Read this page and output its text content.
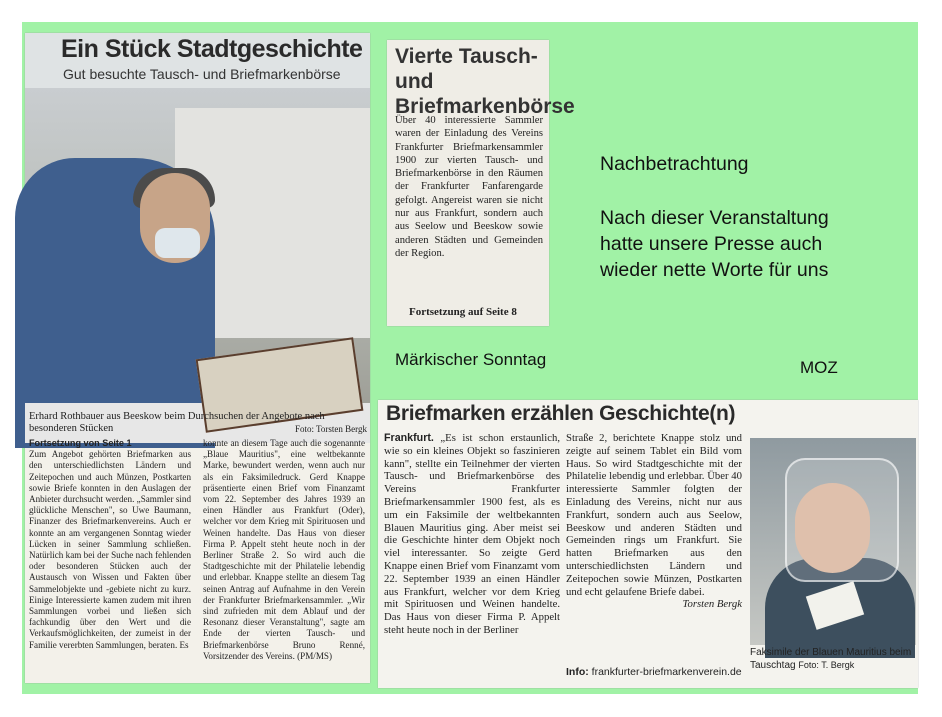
Ein Stück Stadtgeschichte
Gut besuchte Tausch- und Briefmarkenbörse
Erhard Rothbauer aus Beeskow beim Durchsuchen der Angebote nach besonderen Stücken	Foto: Torsten Bergk
Fortsetzung von Seite 1
Zum Angebot gehörten Briefmarken aus den unterschiedlichsten Ländern und Zeitepochen und auch Münzen, Postkarten sowie Briefe konnten in den Auslagen der Anbieter durchsucht werden. „Sammler sind glückliche Menschen", so Uwe Baumann, Finanzer des Briefmarkenvereins. Auch er konnte an am vergangenen Sonntag wieder Lücken in seiner Sammlung schließen. Natürlich kam bei der Suche nach fehlenden oder besonderen Stücken auch der Austausch von Wissen und Fakten über Sammelobjekte und -gebiete nicht zu kurz. Einige Interessierte kamen zudem mit ihren Sammlungen vorbei und ließen sich fachkundig über den Wert und die Verkaufsmöglichkeiten, der zumeist in der Familie vererbten Sammlungen, beraten. Es
konnte an diesem Tage auch die sogenannte „Blaue Mauritius", eine weltbekannte Marke, bewundert werden, wenn auch nur als ein Faksimiledruck. Gerd Knappe präsentierte einen Brief vom Finanzamt vom 22. September des Jahres 1939 an einen Händler aus Frankfurt (Oder), welcher vor dem Krieg mit Spirituosen und Weinen handelte. Das Haus von dieser Firma P. Appelt steht heute noch in der Berliner Straße 2. So wird auch die Stadtgeschichte mit der Philatelie lebendig und erlebbar. Knappe stellte an diesem Tag seinen Antrag auf Aufnahme in den Verein der Frankfurter Briefmarkensammler. „Wir sind zufrieden mit dem Ablauf und der Resonanz dieser Veranstaltung", sagte am Ende der vierten Tausch- und Briefmarkenbörse Bruno Renné, Vorsitzender des Vereins. (PM/MS)
Vierte Tausch- und Briefmarkenbörse
Über 40 interessierte Sammler waren der Einladung des Vereins Frankfurter Briefmarkensammler 1900 zur vierten Tausch- und Briefmarkenbörse in den Räumen der Frankfurter Fanfarengarde gefolgt. Angereist waren sie nicht nur aus Frankfurt, sondern auch aus Seelow und Beeskow sowie anderen Städten und Gemeinden der Region.
Fortsetzung auf Seite 8
Nachbetrachtung
Nach dieser Veranstaltung
hatte unsere Presse auch
wieder nette Worte für uns
Märkischer Sonntag	MOZ
Briefmarken erzählen Geschichte(n)
Frankfurt. „Es ist schon erstaunlich, wie so ein kleines Objekt so faszinieren kann", stellte ein Teilnehmer der vierten Tausch- und Briefmarkenbörse des Vereins Frankfurter Briefmarkensammler 1900 fest, als es um ein Faksimile der weltbekannten Blauen Mauritius ging. Aber meist sei die Geschichte hinter dem Objekt noch viel interessanter. So zeigte Gerd Knappe einen Brief vom Finanzamt vom 22. September 1939 an einen Händler aus Frankfurt, welcher vor dem Krieg mit Spirituosen und Weinen handelte. Das Haus von dieser Firma P. Appelt steht heute noch in der Berliner
Straße 2, berichtete Knappe stolz und zeigte auf seinem Tablet ein Bild vom Haus. So wird Stadtgeschichte mit der Philatelie lebendig und erlebbar. Über 40 interessierte Sammler folgten der Einladung des Vereins, nicht nur aus Frankfurt, sondern auch aus Seelow, Beeskow und anderen Städten und Gemeinden rings um Frankfurt. Sie hatten Briefmarken aus den unterschiedlichsten Ländern und Zeitepochen sowie Münzen, Postkarten und echt gelaufene Briefe dabei.
Torsten Bergk
Faksimile der Blauen Mauritius beim Tauschtag Foto: T. Bergk
Info: frankfurter-briefmarkenverein.de
